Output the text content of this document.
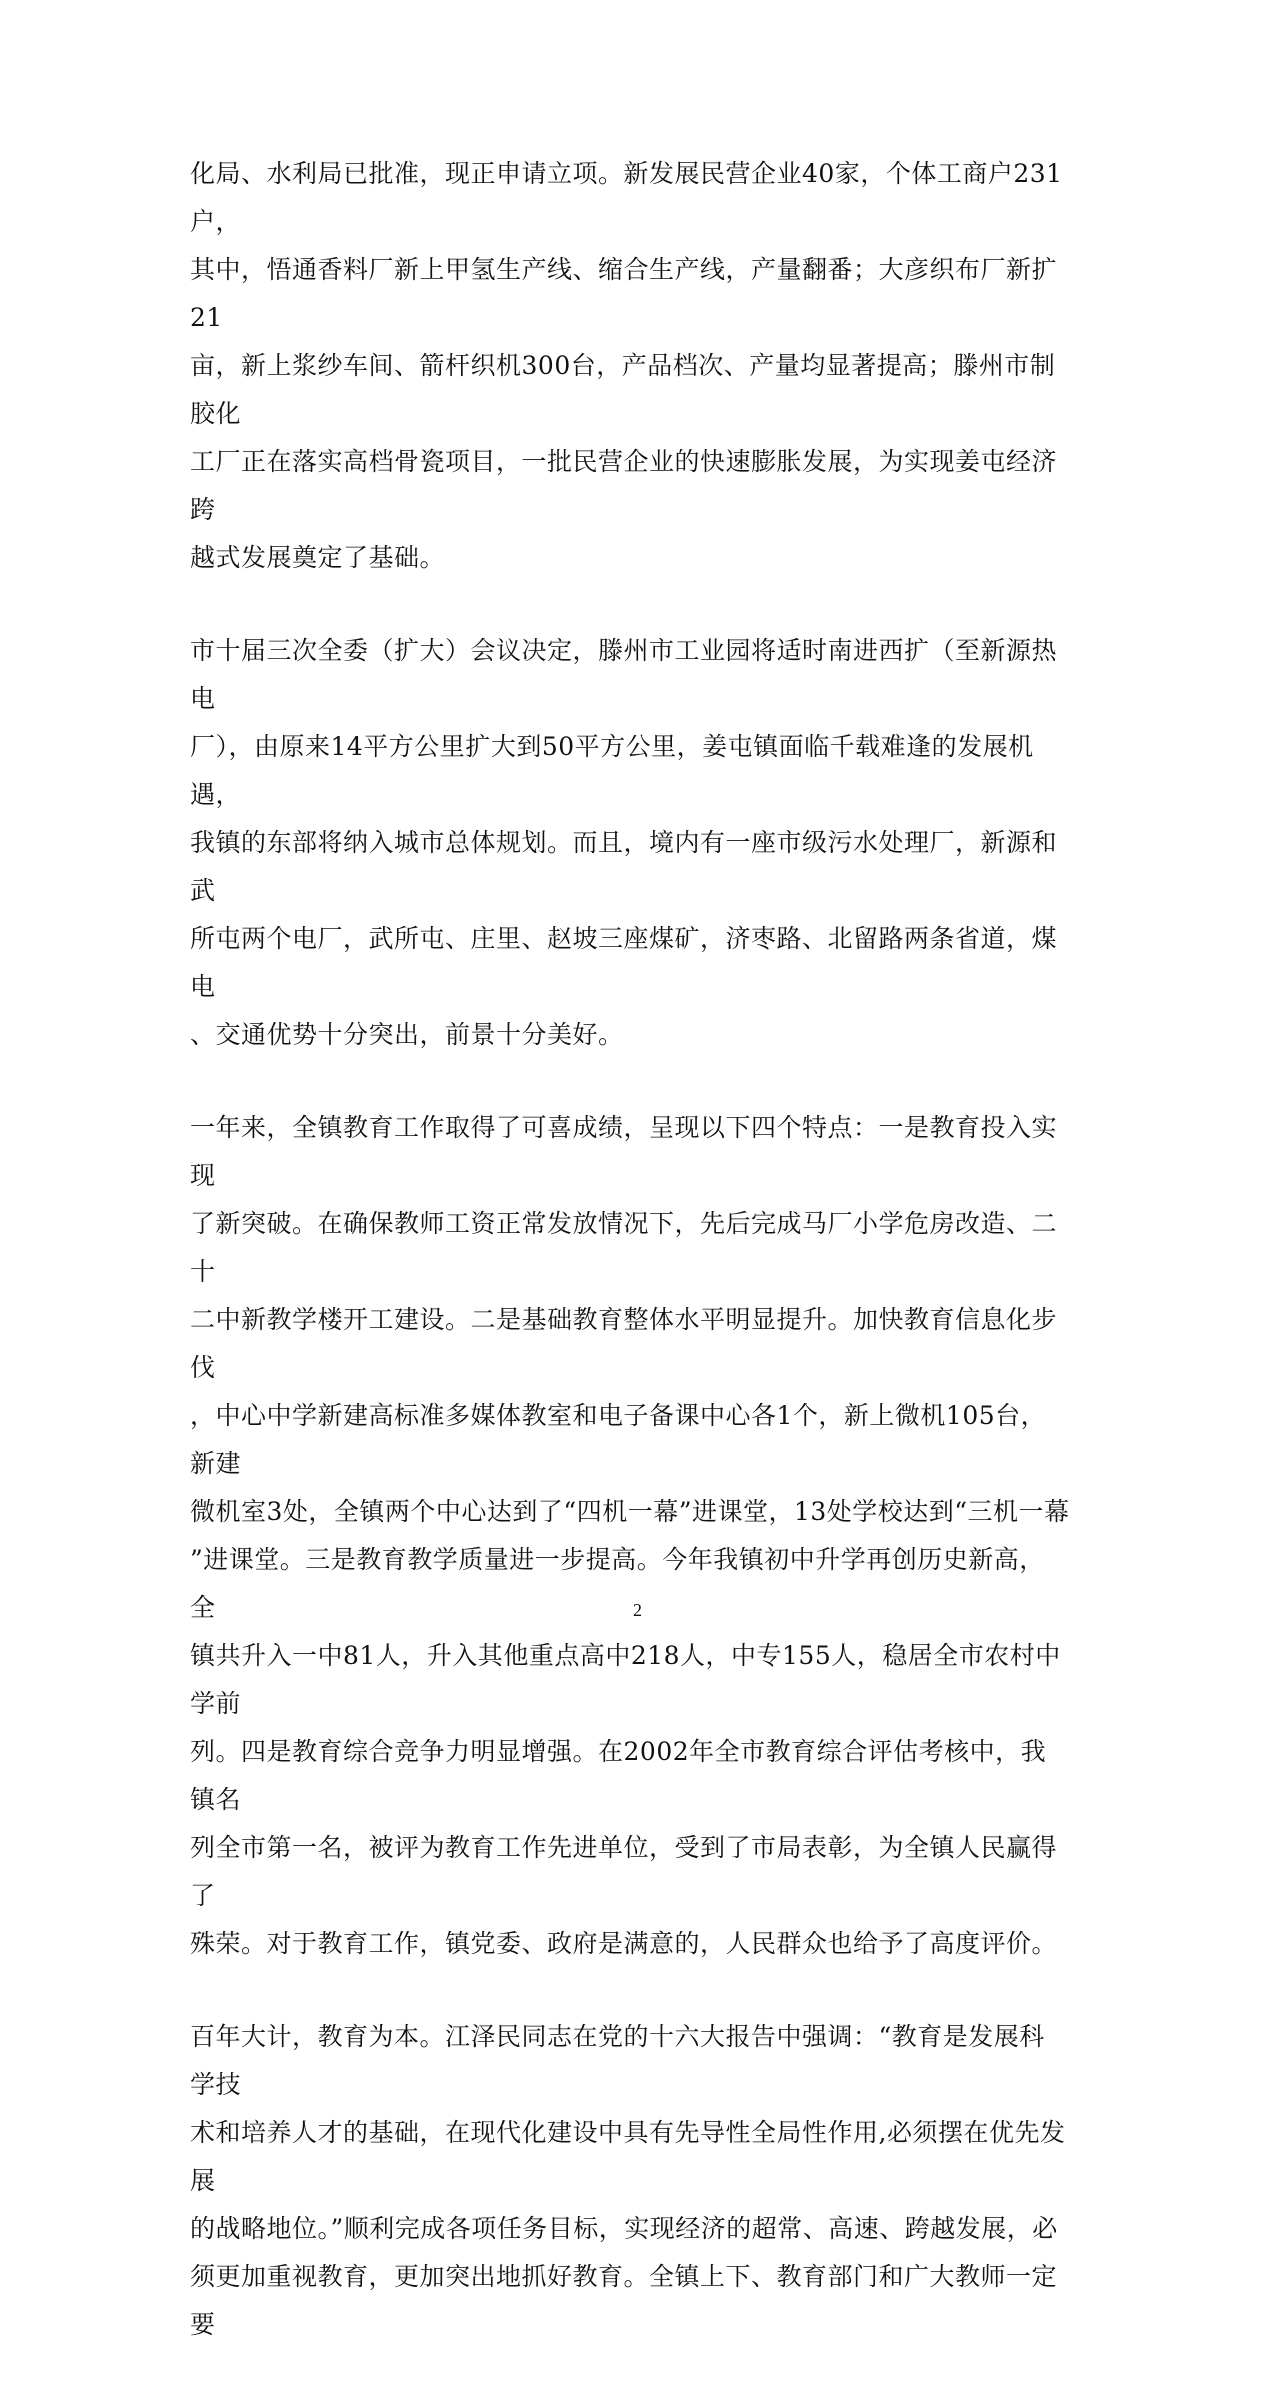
化局、水利局已批准，现正申请立项。新发展民营企业40家，个体工商户231户，
其中，悟通香料厂新上甲氢生产线、缩合生产线，产量翻番；大彦织布厂新扩21
亩，新上浆纱车间、箭杆织机300台，产品档次、产量均显著提高；滕州市制胶化
工厂正在落实高档骨瓷项目，一批民营企业的快速膨胀发展，为实现姜屯经济跨
越式发展奠定了基础。

市十届三次全委（扩大）会议决定，滕州市工业园将适时南进西扩（至新源热电
厂），由原来14平方公里扩大到50平方公里，姜屯镇面临千载难逢的发展机遇，
我镇的东部将纳入城市总体规划。而且，境内有一座市级污水处理厂，新源和武
所屯两个电厂，武所屯、庄里、赵坡三座煤矿，济枣路、北留路两条省道，煤电
、交通优势十分突出，前景十分美好。

一年来，全镇教育工作取得了可喜成绩，呈现以下四个特点：一是教育投入实现
了新突破。在确保教师工资正常发放情况下，先后完成马厂小学危房改造、二十
二中新教学楼开工建设。二是基础教育整体水平明显提升。加快教育信息化步伐
，中心中学新建高标准多媒体教室和电子备课中心各1个，新上微机105台，新建
微机室3处，全镇两个中心达到了“四机一幕”进课堂，13处学校达到“三机一幕
”进课堂。三是教育教学质量进一步提高。今年我镇初中升学再创历史新高，全
镇共升入一中81人，升入其他重点高中218人，中专155人，稳居全市农村中学前
列。四是教育综合竞争力明显增强。在2002年全市教育综合评估考核中，我镇名
列全市第一名，被评为教育工作先进单位，受到了市局表彰，为全镇人民赢得了
殊荣。对于教育工作，镇党委、政府是满意的，人民群众也给予了高度评价。

百年大计，教育为本。江泽民同志在党的十六大报告中强调：“教育是发展科学技
术和培养人才的基础，在现代化建设中具有先导性全局性作用,必须摆在优先发展
的战略地位。”顺利完成各项任务目标，实现经济的超常、高速、跨越发展，必
须更加重视教育，更加突出地抓好教育。全镇上下、教育部门和广大教师一定要

2
